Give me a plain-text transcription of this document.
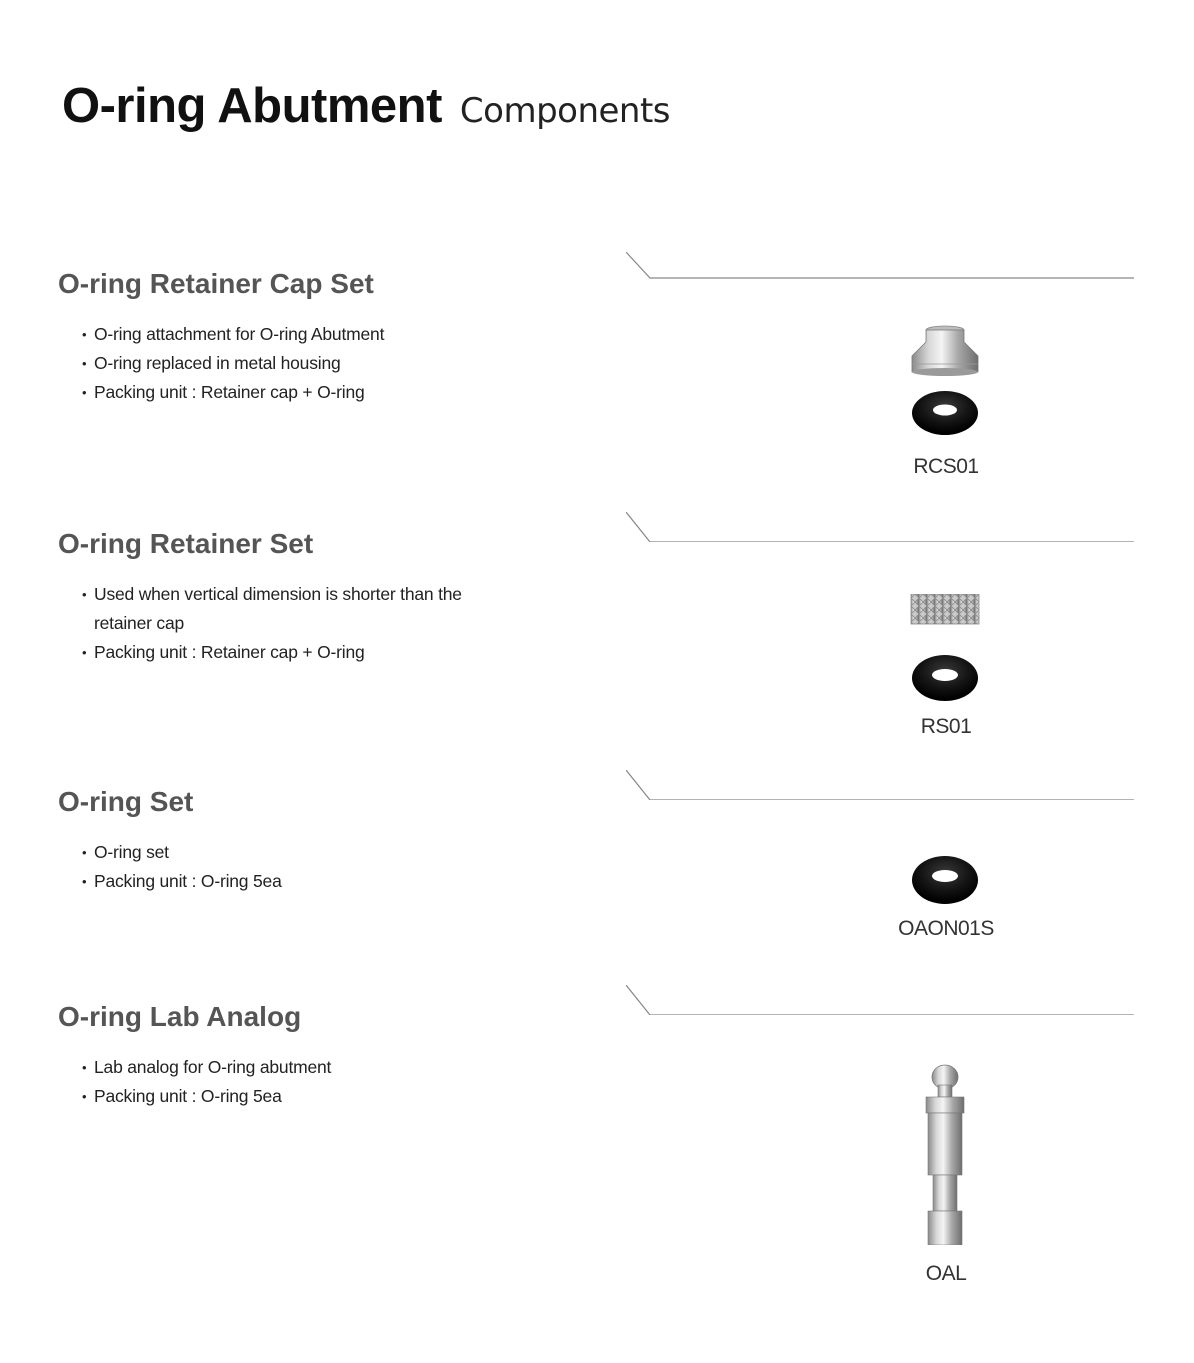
O-ring Abutment Components
O-ring Retainer Cap Set
• O-ring attachment for O-ring Abutment
• O-ring replaced in metal housing
• Packing unit : Retainer cap + O-ring
RCS01
O-ring Retainer Set
• Used when vertical dimension is shorter than the retainer cap
• Packing unit : Retainer cap + O-ring
RS01
O-ring Set
• O-ring set
• Packing unit : O-ring 5ea
OAON01S
O-ring Lab Analog
• Lab analog for O-ring abutment
• Packing unit : O-ring 5ea
OAL
